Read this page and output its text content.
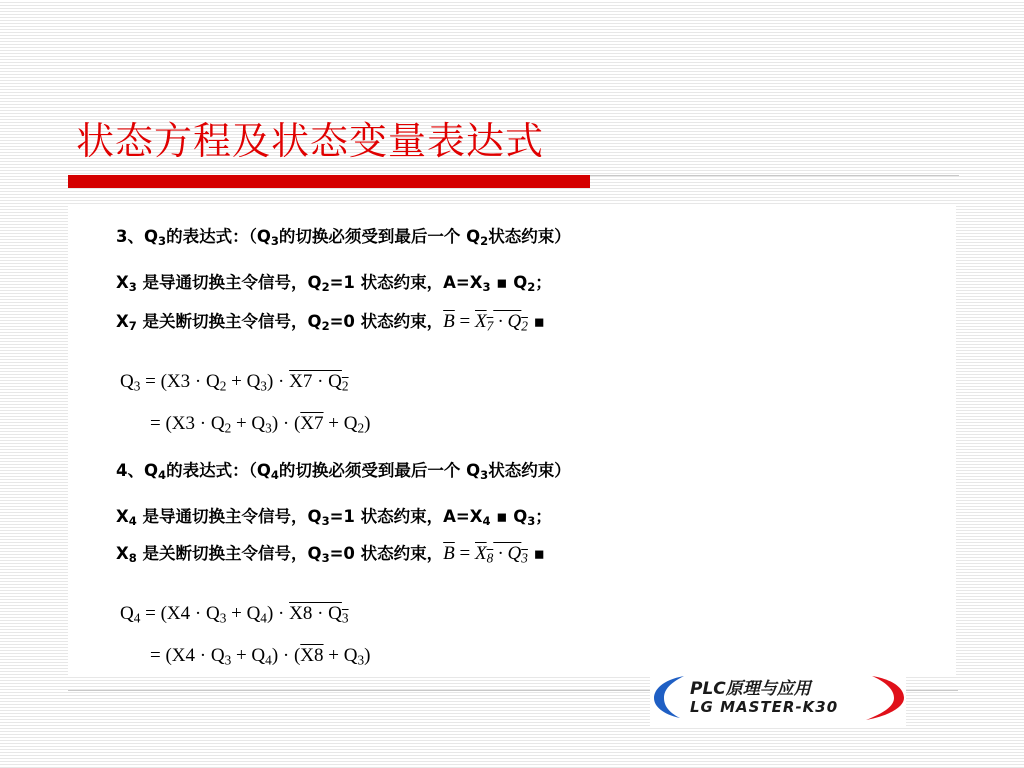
状态方程及状态变量表达式
3、$Q_3$的表达式：（$Q_3$的切换必须受到最后一个 $Q_2$状态约束）
$X_3$ 是导通切换主令信号，$Q_2=1$ 状态约束，$A=X_3$ ▪ $Q_2$；
$X_7$ 是关断切换主令信号，$Q_2=0$ 状态约束，$\overline{B} = X_7 \cdot Q_2$ ▪
$Q_3 = (X3 \cdot Q_2 + Q_3) \cdot X7 \cdot Q_2$
= $(X3 \cdot Q_2 + Q_3) \cdot (X7 + Q_2)$
4、$Q_4$的表达式：（$Q_4$的切换必须受到最后一个 $Q_3$状态约束）
$X_4$ 是导通切换主令信号，$Q_3=1$ 状态约束，$A=X_4$ ▪ $Q_3$；
$X_8$ 是关断切换主令信号，$Q_3=0$ 状态约束，$\overline{B} = X_8 \cdot Q_3$ ▪
$Q_4 = (X4 \cdot Q_3 + Q_4) \cdot X8 \cdot Q_3$
= $(X4 \cdot Q_3 + Q_4) \cdot (X8 + Q_3)$
PLC原理与应用
LG MASTER-K30
